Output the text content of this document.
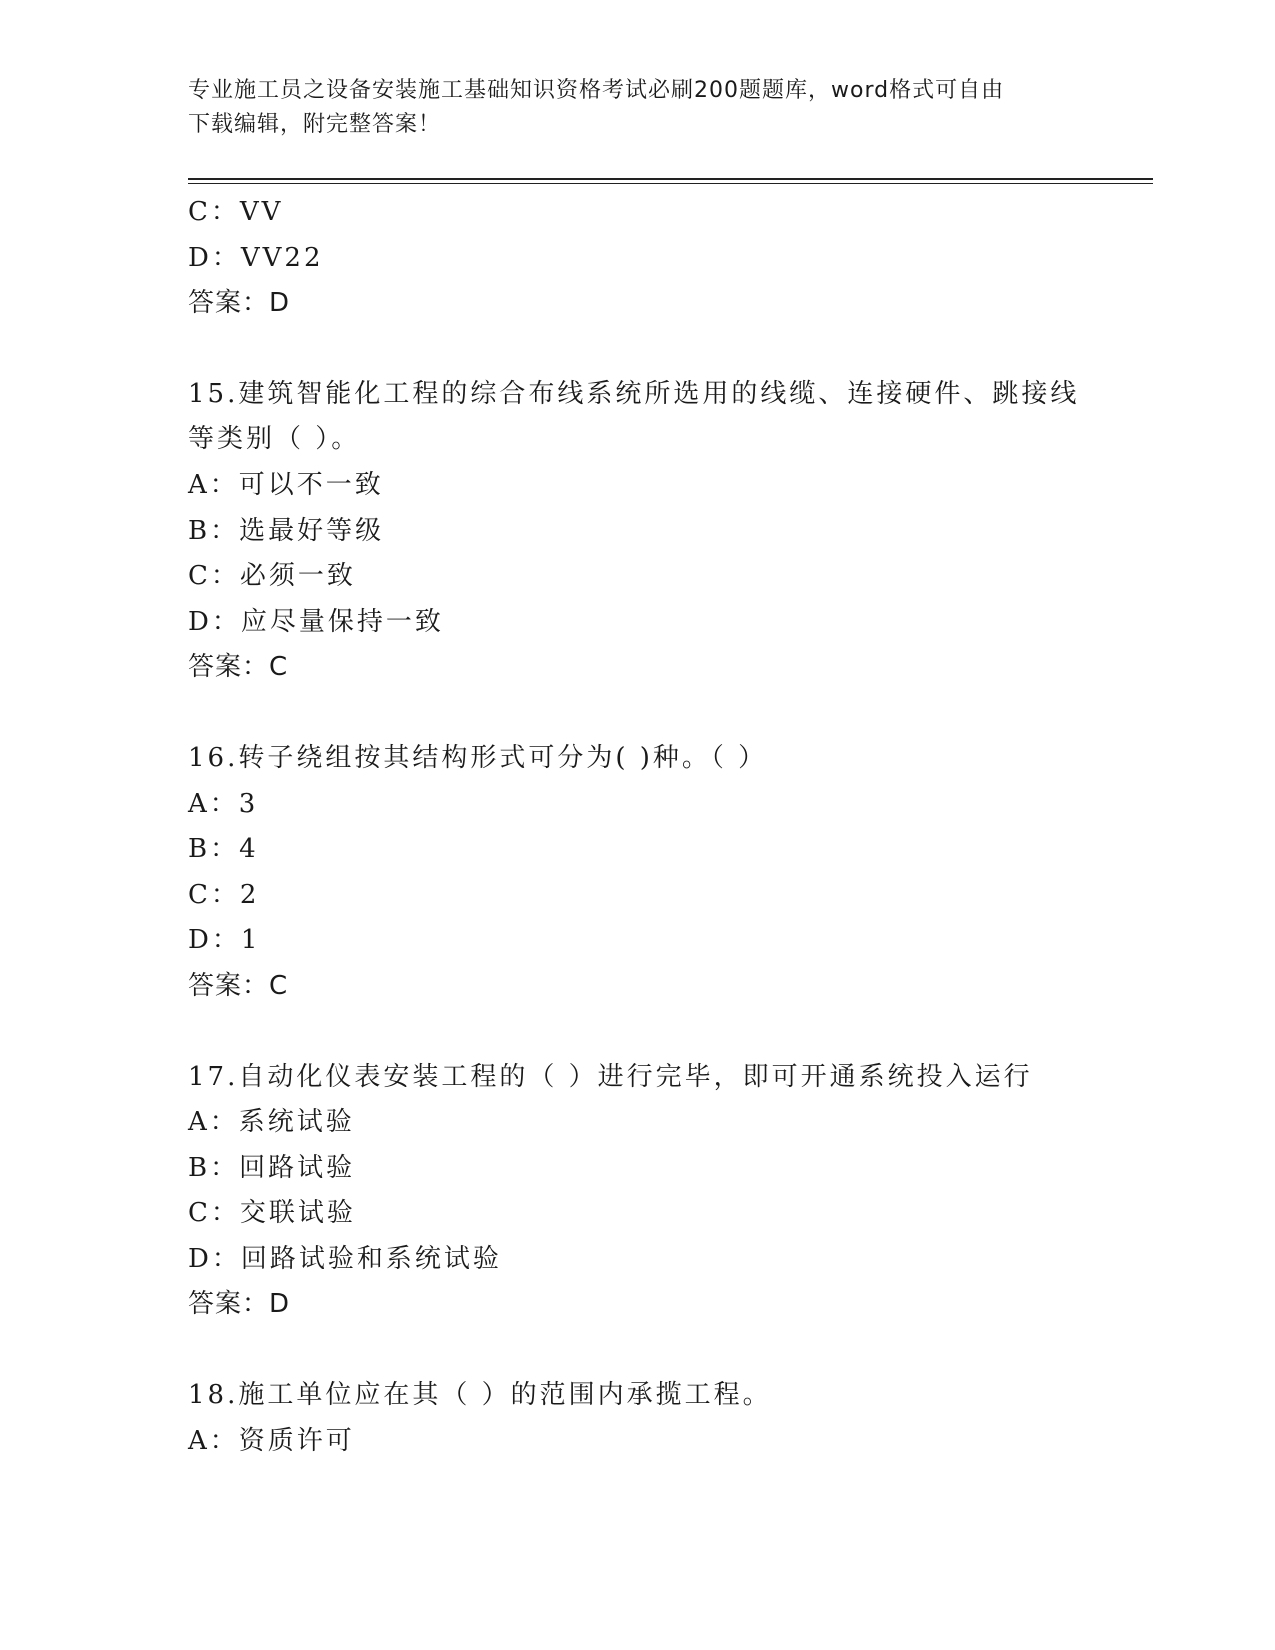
专业施工员之设备安装施工基础知识资格考试必刷200题题库，word格式可自由
下载编辑，附完整答案！
C：VV
D：VV22
答案：D
15.建筑智能化工程的综合布线系统所选用的线缆、连接硬件、跳接线
等类别（ ）。
A：可以不一致
B：选最好等级
C：必须一致
D：应尽量保持一致
答案：C
16.转子绕组按其结构形式可分为( )种。（ ）
A：3
B：4
C：2
D：1
答案：C
17.自动化仪表安装工程的（ ）进行完毕，即可开通系统投入运行
A：系统试验
B：回路试验
C：交联试验
D：回路试验和系统试验
答案：D
18.施工单位应在其（ ）的范围内承揽工程。
A：资质许可
